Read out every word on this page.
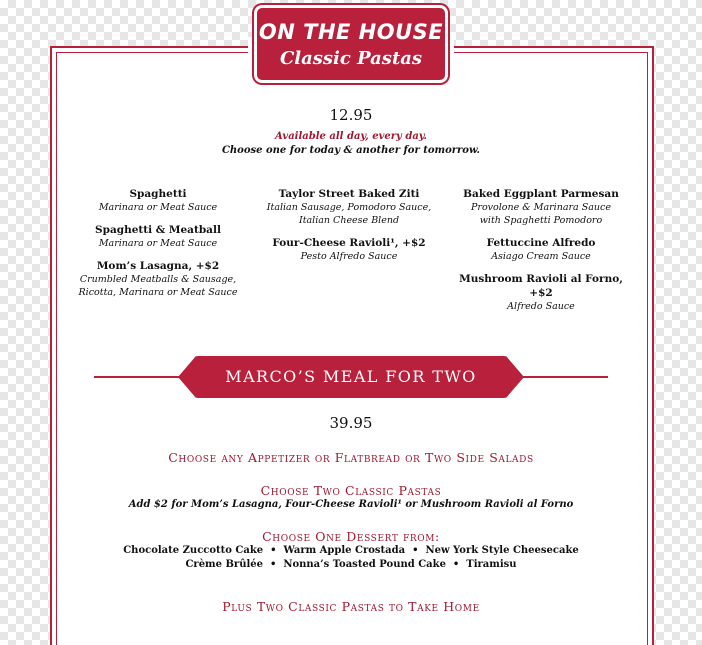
ON THE HOUSE
Classic Pastas
12.95
Available all day, every day.
Choose one for today & another for tomorrow.
Spaghetti
Marinara or Meat Sauce
Spaghetti & Meatball
Marinara or Meat Sauce
Mom’s Lasagna, +$2
Crumbled Meatballs & Sausage,
Ricotta, Marinara or Meat Sauce
Taylor Street Baked Ziti
Italian Sausage, Pomodoro Sauce,
Italian Cheese Blend
Four-Cheese Ravioli¹, +$2
Pesto Alfredo Sauce
Baked Eggplant Parmesan
Provolone & Marinara Sauce
with Spaghetti Pomodoro
Fettuccine Alfredo
Asiago Cream Sauce
Mushroom Ravioli al Forno, +$2
Alfredo Sauce
MARCO’S MEAL FOR TWO
39.95
Choose any Appetizer or Flatbread or Two Side Salads
Choose Two Classic Pastas
Add $2 for Mom’s Lasagna, Four-Cheese Ravioli¹ or Mushroom Ravioli al Forno
Choose One Dessert from:
Chocolate Zuccotto Cake  •  Warm Apple Crostada  •  New York Style Cheesecake
Crème Brûlée  •  Nonna’s Toasted Pound Cake  •  Tiramisu
Plus Two Classic Pastas to Take Home
